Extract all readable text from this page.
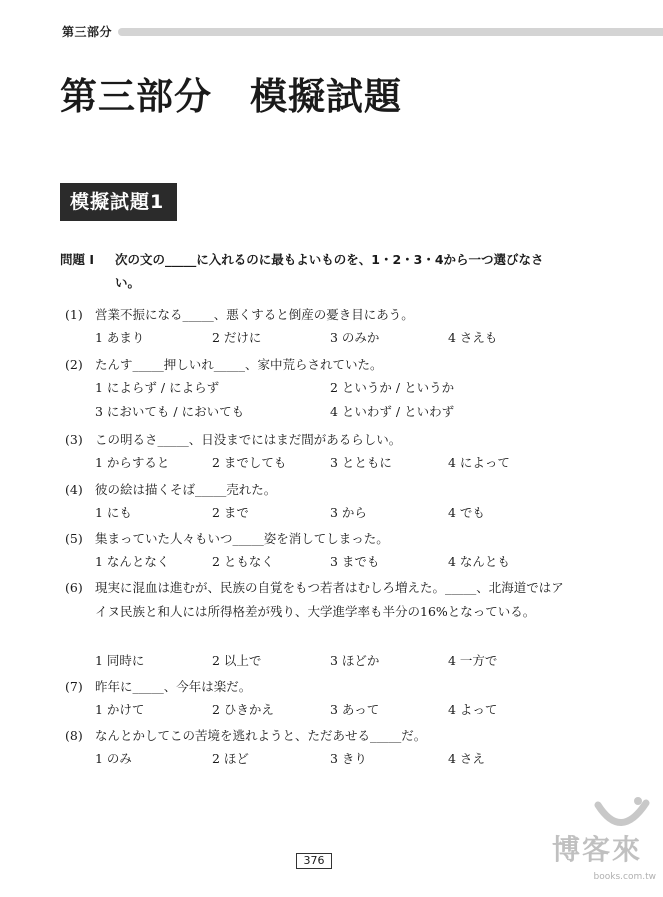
第三部分
第三部分　模擬試題
模擬試題1
問題 I 次の文の_____に入れるのに最もよいものを、1・2・3・4から一つ選びなさい。
(1) 営業不振になる_____、悪くすると倒産の憂き目にあう。
1 あまり	2 だけに	3 のみか	4 さえも
(2) たんす_____押しいれ_____、家中荒らされていた。
1 によらず / によらず	2 というか / というか
3 においても / においても	4 といわず / といわず
(3) この明るさ_____、日没までにはまだ間があるらしい。
1 からすると	2 までしても	3 とともに	4 によって
(4) 彼の絵は描くそば_____売れた。
1 にも	2 まで	3 から	4 でも
(5) 集まっていた人々もいつ_____姿を消してしまった。
1 なんとなく	2 ともなく	3 までも	4 なんとも
(6) 現実に混血は進むが、民族の自覚をもつ若者はむしろ増えた。_____、北海道ではアイヌ民族と和人には所得格差が残り、大学進学率も半分の16%となっている。
1 同時に	2 以上で	3 ほどか	4 一方で
(7) 昨年に_____、今年は楽だ。
1 かけて	2 ひきかえ	3 あって	4 よって
(8) なんとかしてこの苦境を逃れようと、ただあせる_____だ。
1 のみ	2 ほど	3 きり	4 さえ
376	博客來
books.com.tw
